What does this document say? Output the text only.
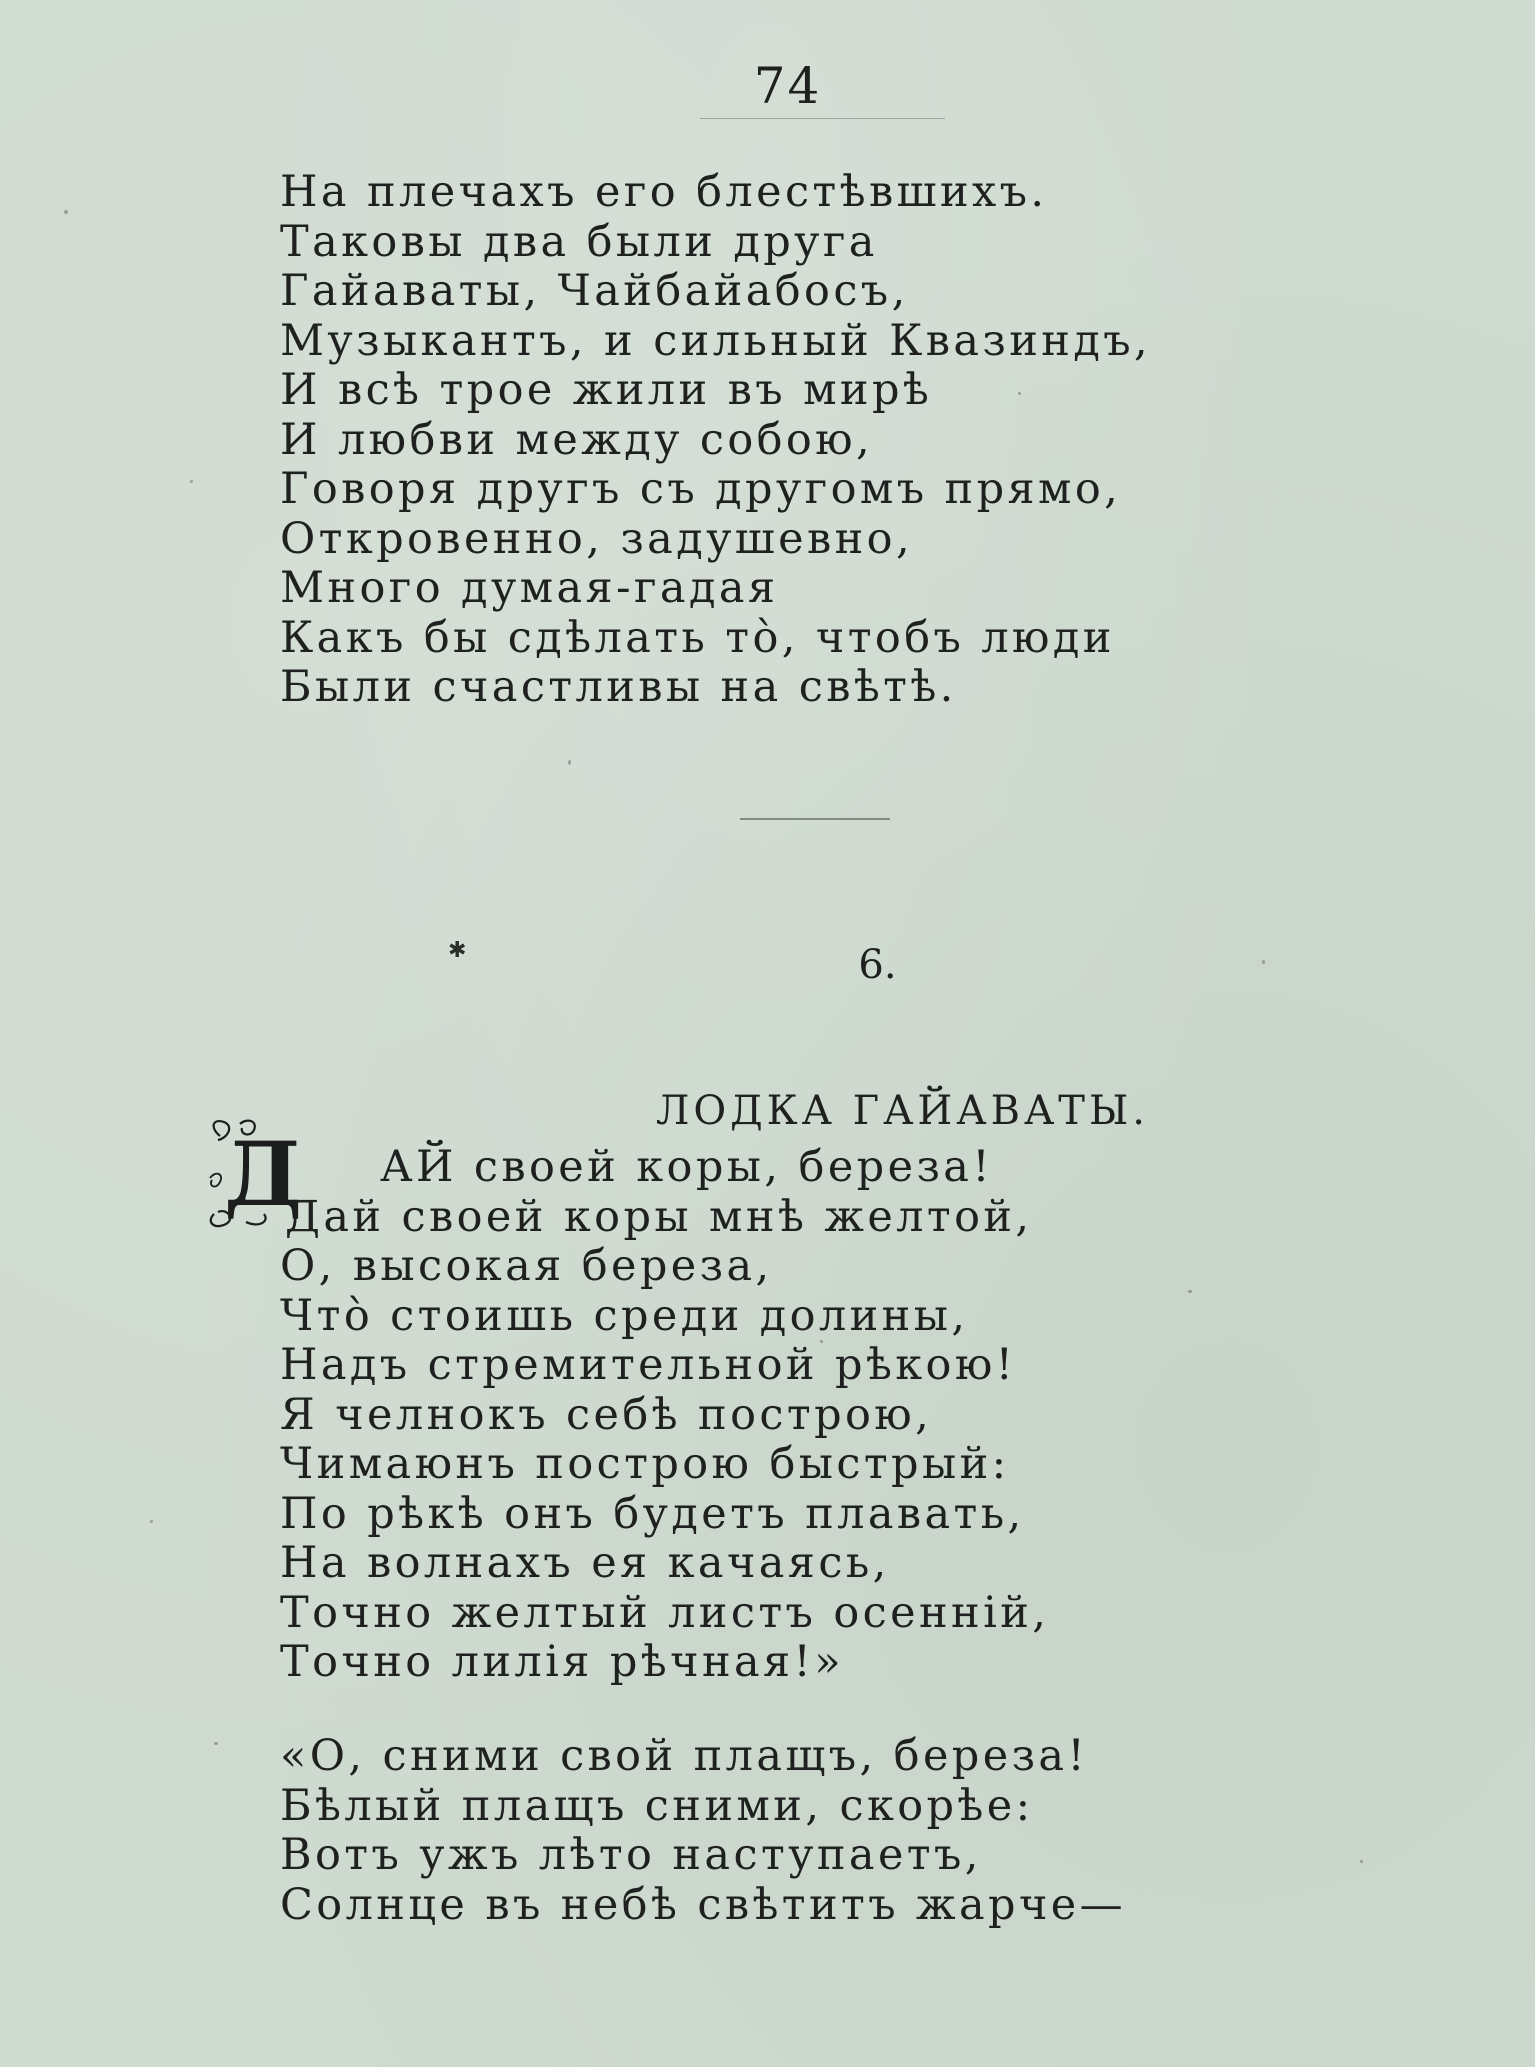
74
На плечахъ его блестѣвшихъ.
Таковы два были друга
Гайаваты, Чайбайабосъ,
Музыкантъ, и сильный Квазиндъ,
И всѣ трое жили въ мирѣ
И любви между собою,
Говоря другъ съ другомъ прямо,
Откровенно, задушевно,
Много думая-гадая
Какъ бы сдѣлать то̀, чтобъ люди
Были счастливы на свѣтѣ.
✱	6.
ЛОДКА ГАЙАВАТЫ.
Д	АЙ своей коры, береза!
Дай своей коры мнѣ желтой,
О, высокая береза,
Что̀ стоишь среди долины,
Надъ стремительной рѣкою!
Я челнокъ себѣ построю,
Чимаюнъ построю быстрый:
По рѣкѣ онъ будетъ плавать,
На волнахъ ея качаясь,
Точно желтый листъ осенній,
Точно лилія рѣчная!»
«О, сними свой плащъ, береза!
Бѣлый плащъ сними, скорѣе:
Вотъ ужъ лѣто наступаетъ,
Солнце въ небѣ свѣтитъ жарче—
